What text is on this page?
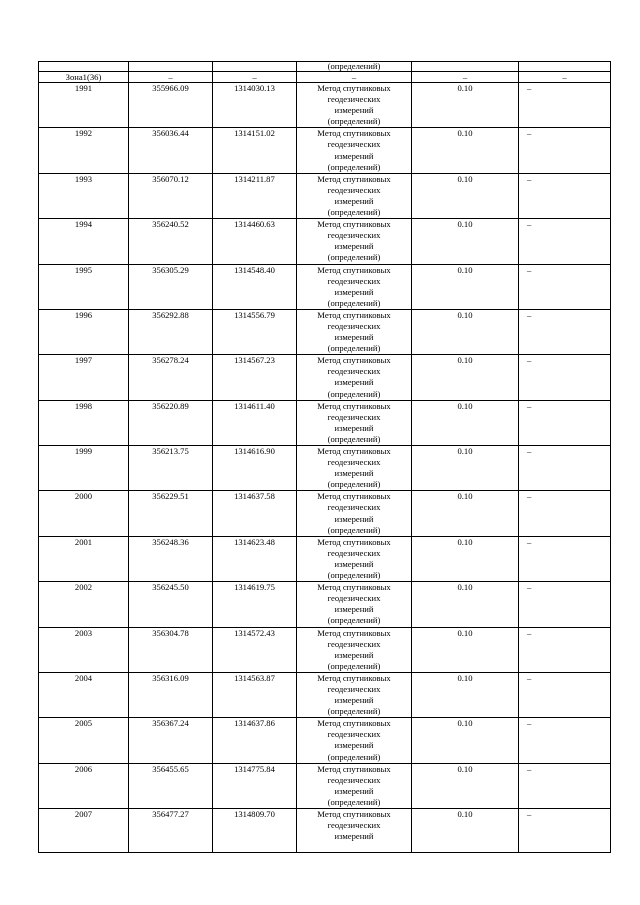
			(определений)		
Зона1(36)	–	–	–	–	–
1991	355966.09	1314030.13	Метод спутниковых
геодезических
измерений
(определений)	0.10	–
1992	356036.44	1314151.02	Метод спутниковых
геодезических
измерений
(определений)	0.10	–
1993	356070.12	1314211.87	Метод спутниковых
геодезических
измерений
(определений)	0.10	–
1994	356240.52	1314460.63	Метод спутниковых
геодезических
измерений
(определений)	0.10	–
1995	356305.29	1314548.40	Метод спутниковых
геодезических
измерений
(определений)	0.10	–
1996	356292.88	1314556.79	Метод спутниковых
геодезических
измерений
(определений)	0.10	–
1997	356278.24	1314567.23	Метод спутниковых
геодезических
измерений
(определений)	0.10	–
1998	356220.89	1314611.40	Метод спутниковых
геодезических
измерений
(определений)	0.10	–
1999	356213.75	1314616.90	Метод спутниковых
геодезических
измерений
(определений)	0.10	–
2000	356229.51	1314637.58	Метод спутниковых
геодезических
измерений
(определений)	0.10	–
2001	356248.36	1314623.48	Метод спутниковых
геодезических
измерений
(определений)	0.10	–
2002	356245.50	1314619.75	Метод спутниковых
геодезических
измерений
(определений)	0.10	–
2003	356304.78	1314572.43	Метод спутниковых
геодезических
измерений
(определений)	0.10	–
2004	356316.09	1314563.87	Метод спутниковых
геодезических
измерений
(определений)	0.10	–
2005	356367.24	1314637.86	Метод спутниковых
геодезических
измерений
(определений)	0.10	–
2006	356455.65	1314775.84	Метод спутниковых
геодезических
измерений
(определений)	0.10	–
2007	356477.27	1314809.70	Метод спутниковых
геодезических
измерений	0.10	–
